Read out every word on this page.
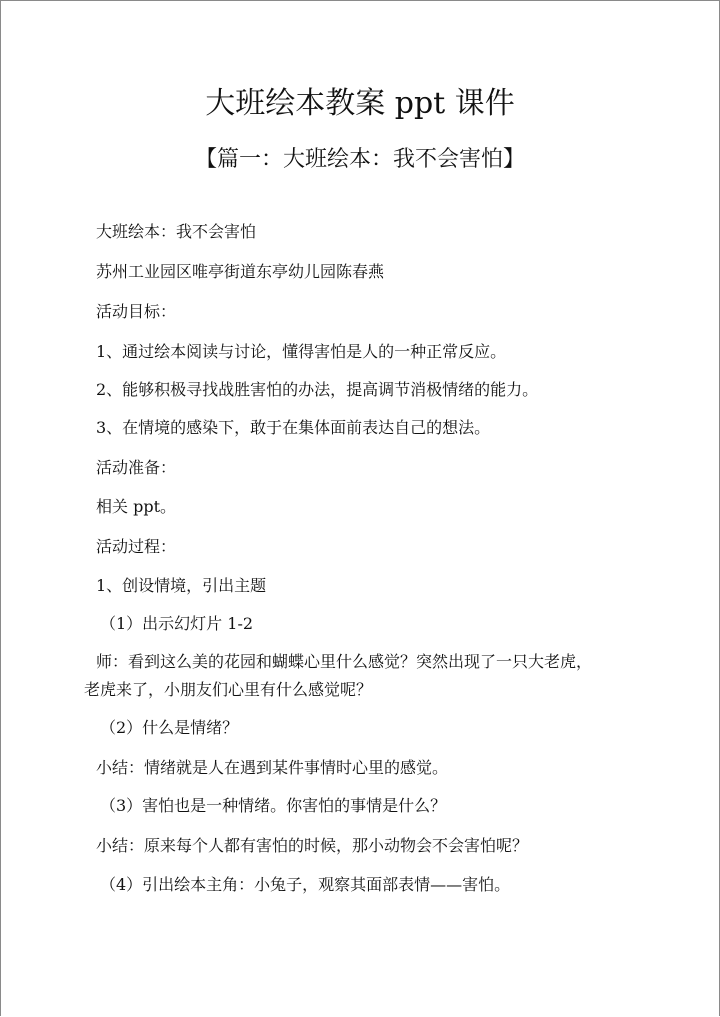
大班绘本教案 ppt 课件
【篇一：大班绘本：我不会害怕】
大班绘本：我不会害怕
苏州工业园区唯亭街道东亭幼儿园陈春燕
活动目标：
1、通过绘本阅读与讨论，懂得害怕是人的一种正常反应。
2、能够积极寻找战胜害怕的办法，提高调节消极情绪的能力。
3、在情境的感染下，敢于在集体面前表达自己的想法。
活动准备：
相关 ppt。
活动过程：
1、创设情境，引出主题
（1）出示幻灯片 1-2
师：看到这么美的花园和蝴蝶心里什么感觉？突然出现了一只大老虎，
老虎来了，小朋友们心里有什么感觉呢？
（2）什么是情绪？
小结：情绪就是人在遇到某件事情时心里的感觉。
（3）害怕也是一种情绪。你害怕的事情是什么？
小结：原来每个人都有害怕的时候，那小动物会不会害怕呢？
（4）引出绘本主角：小兔子，观察其面部表情——害怕。
